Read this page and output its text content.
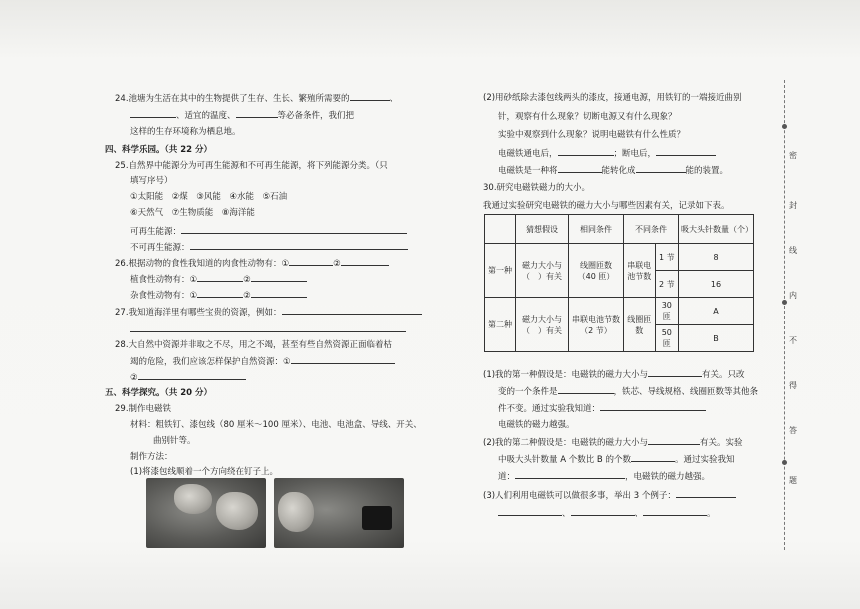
24.池塘为生活在其中的生物提供了生存、生长、繁殖所需要的	、
、适宜的温度、	等必备条件，我们把
这样的生存环境称为栖息地。
四、科学乐园。（共 22 分）
25.自然界中能源分为可再生能源和不可再生能源，将下列能源分类。（只
填写序号）
①太阳能　②煤　③风能　④水能　⑤石油
⑥天然气　⑦生物质能　⑧海洋能
可再生能源：
不可再生能源：
26.根据动物的食性我知道的肉食性动物有：①	②
植食性动物有：①	②
杂食性动物有：①	②
27.我知道海洋里有哪些宝贵的资源，例如：
28.大自然中资源并非取之不尽，用之不竭，甚至有些自然资源正面临着枯
竭的危险，我们应该怎样保护自然资源：①
②
五、科学探究。（共 20 分）
29.制作电磁铁
材料：粗铁钉、漆包线（80 厘米～100 厘米）、电池、电池盒、导线、开关、
曲别针等。
制作方法：
(1)将漆包线顺着一个方向绕在钉子上。
(2)用砂纸除去漆包线两头的漆皮，接通电源，用铁钉的一端接近曲别
针，观察有什么现象？切断电源又有什么现象？
实验中观察到什么现象？说明电磁铁有什么性质？
电磁铁通电后，	；断电后，
电磁铁是一种将	能转化成	能的装置。
30.研究电磁铁磁力的大小。
我通过实验研究电磁铁的磁力大小与哪些因素有关，记录如下表。
	猜想假设	相同条件	不同条件		吸大头针数量（个）
第一种	磁力大小与（　）有关	线圈匝数（40 匝）	串联电池节数	1 节	8
				2 节	16
第二种	磁力大小与（　）有关	串联电池节数（2 节）	线圈匝数	30 匝	A
				50 匝	B
(1)我的第一种假设是：电磁铁的磁力大小与	有关。只改
变的一个条件是	，铁芯、导线规格、线圈匝数等其他条
件不变。通过实验我知道：
电磁铁的磁力越强。
(2)我的第二种假设是：电磁铁的磁力大小与	有关。实验
中吸大头针数量 A 个数比 B 的个数	。通过实验我知
道：	，电磁铁的磁力越强。
(3)人们利用电磁铁可以做很多事，举出 3 个例子：
、	、	。
密
封
线
内
不
得
答
题
